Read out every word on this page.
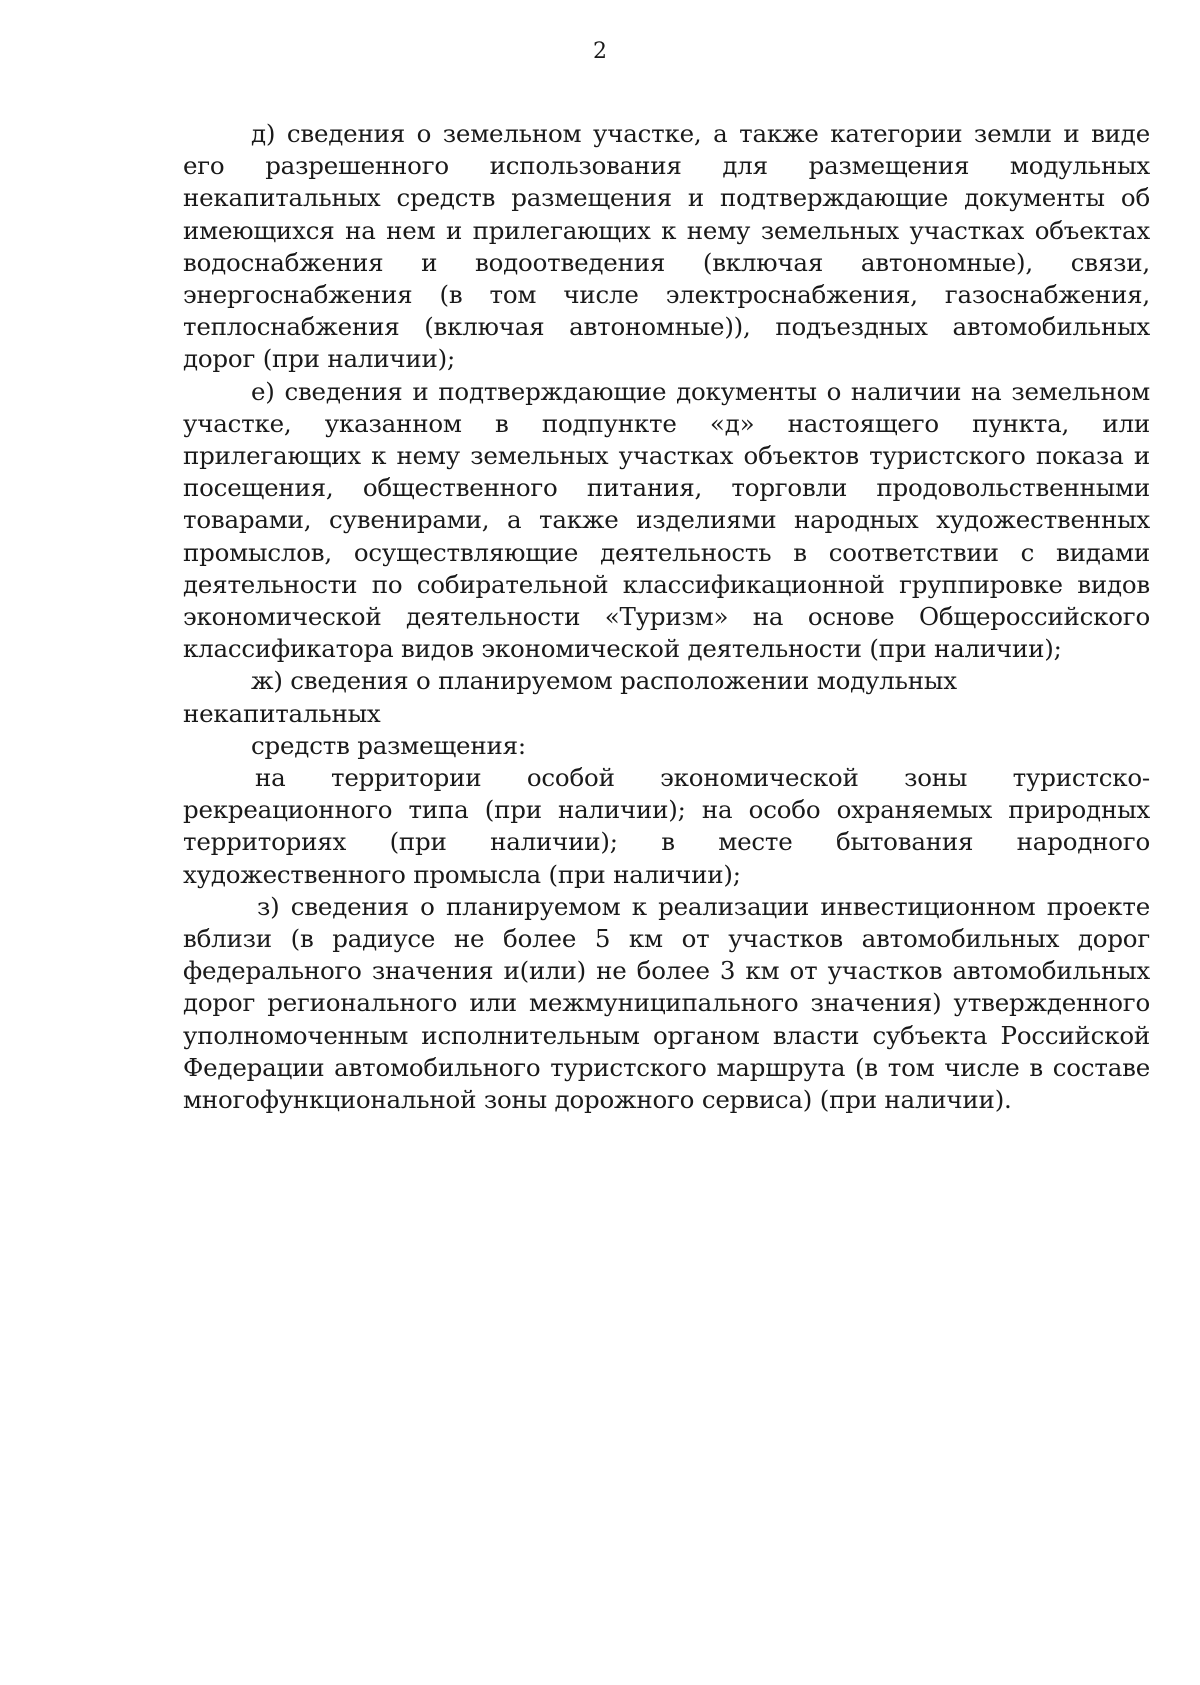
2

д) сведения о земельном участке, а также категории земли и виде его разрешенного использования для размещения модульных некапитальных средств размещения и подтверждающие документы об имеющихся на нем и прилегающих к нему земельных участках объектах водоснабжения и водоотведения (включая автономные), связи, энергоснабжения (в том числе электроснабжения, газоснабжения, теплоснабжения (включая автономные)), подъездных автомобильных дорог (при наличии);

е) сведения и подтверждающие документы о наличии на земельном участке, указанном в подпункте «д» настоящего пункта, или прилегающих к нему земельных участках объектов туристского показа и посещения, общественного питания, торговли продовольственными товарами, сувенирами, а также изделиями народных художественных промыслов, осуществляющие деятельность в соответствии с видами деятельности по собирательной классификационной группировке видов экономической деятельности «Туризм» на основе Общероссийского классификатора видов экономической деятельности (при наличии);

ж) сведения о планируемом расположении модульных некапитальных

средств размещения:

на территории особой экономической зоны туристско-рекреационного типа (при наличии); на особо охраняемых природных территориях (при наличии); в месте бытования народного художественного промысла (при наличии);

з) сведения о планируемом к реализации инвестиционном проекте вблизи (в радиусе не более 5 км от участков автомобильных дорог федерального значения и(или) не более 3 км от участков автомобильных дорог регионального или межмуниципального значения) утвержденного уполномоченным исполнительным органом власти субъекта Российской Федерации автомобильного туристского маршрута (в том числе в составе многофункциональной зоны дорожного сервиса) (при наличии).
